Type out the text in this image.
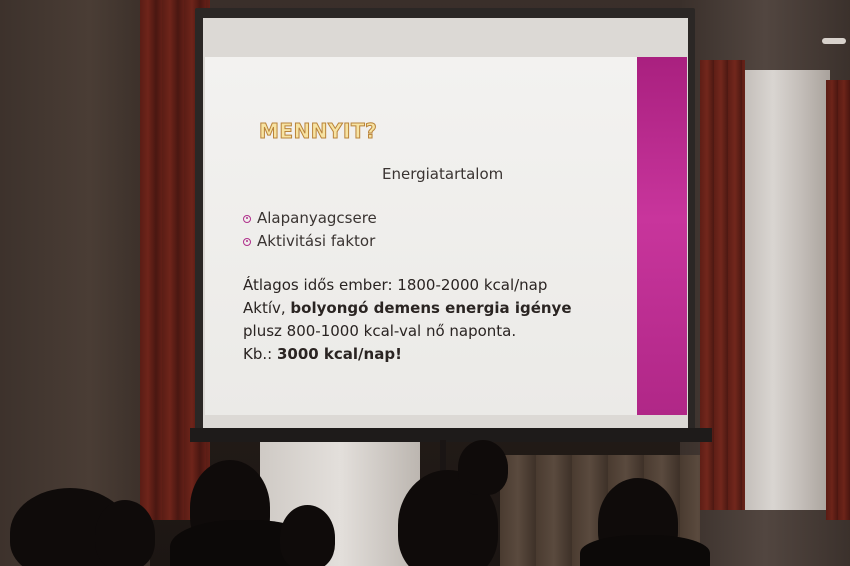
MENNYIT?

Energiatartalom

Alapanyagcsere
Aktivitási faktor
Átlagos idős ember: 1800-2000 kcal/nap
Aktív, bolyongó demens energia igénye
plusz 800-1000 kcal-val nő naponta.
Kb.: 3000 kcal/nap!
